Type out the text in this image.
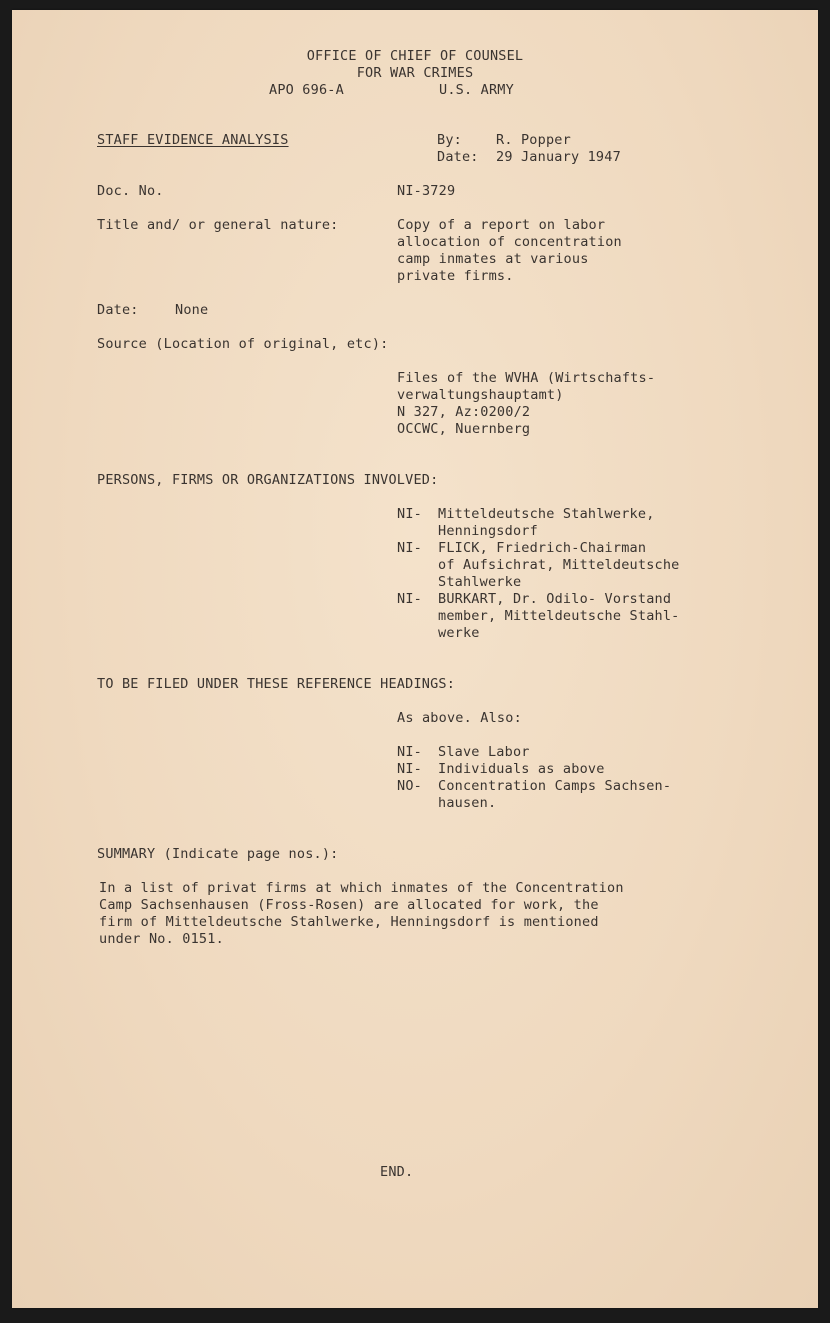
OFFICE OF CHIEF OF COUNSEL
FOR WAR CRIMES
APO 696-A	U.S. ARMY
STAFF EVIDENCE ANALYSIS	By:	R. Popper
Date: 29 January 1947
Doc. No.	NI-3729
Title and/ or general nature:	Copy of a report on labor
allocation of concentration
camp inmates at various
private firms.
Date:	None
Source (Location of original, etc):
Files of the WVHA (Wirtschafts-
verwaltungshauptamt)
N 327, Az:0200/2
OCCWC, Nuernberg
PERSONS, FIRMS OR ORGANIZATIONS INVOLVED:
NI- Mitteldeutsche Stahlwerke,
Henningsdorf
NI- FLICK, Friedrich-Chairman
of Aufsichrat, Mitteldeutsche
Stahlwerke
NI- BURKART, Dr. Odilo- Vorstand
member, Mitteldeutsche Stahl-
werke
TO BE FILED UNDER THESE REFERENCE HEADINGS:
As above. Also:
NI- Slave Labor
NI- Individuals as above
NO- Concentration Camps Sachsen-
hausen.
SUMMARY (Indicate page nos.):
In a list of privat firms at which inmates of the Concentration
Camp Sachsenhausen (Fross-Rosen) are allocated for work, the
firm of Mitteldeutsche Stahlwerke, Henningsdorf is mentioned
under No. 0151.
END.
